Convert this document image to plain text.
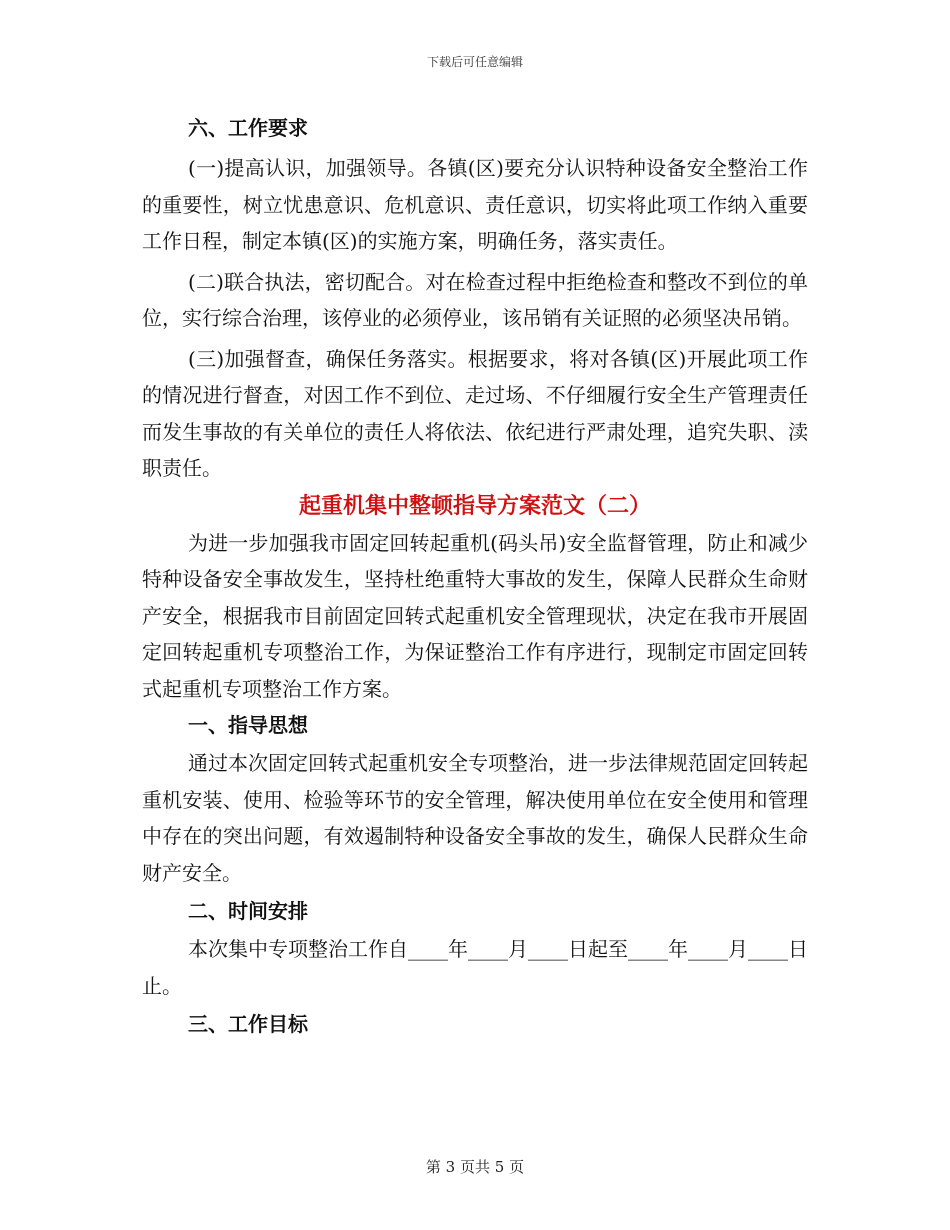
下载后可任意编辑

六、工作要求

(一)提高认识，加强领导。各镇(区)要充分认识特种设备安全整治工作的重要性，树立忧患意识、危机意识、责任意识，切实将此项工作纳入重要工作日程，制定本镇(区)的实施方案，明确任务，落实责任。

(二)联合执法，密切配合。对在检查过程中拒绝检查和整改不到位的单位，实行综合治理，该停业的必须停业，该吊销有关证照的必须坚决吊销。

(三)加强督查，确保任务落实。根据要求，将对各镇(区)开展此项工作的情况进行督查，对因工作不到位、走过场、不仔细履行安全生产管理责任而发生事故的有关单位的责任人将依法、依纪进行严肃处理，追究失职、渎职责任。

起重机集中整顿指导方案范文（二）

为进一步加强我市固定回转起重机(码头吊)安全监督管理，防止和减少特种设备安全事故发生，坚持杜绝重特大事故的发生，保障人民群众生命财产安全，根据我市目前固定回转式起重机安全管理现状，决定在我市开展固定回转起重机专项整治工作，为保证整治工作有序进行，现制定市固定回转式起重机专项整治工作方案。

一、指导思想

通过本次固定回转式起重机安全专项整治，进一步法律规范固定回转起重机安装、使用、检验等环节的安全管理，解决使用单位在安全使用和管理中存在的突出问题，有效遏制特种设备安全事故的发生，确保人民群众生命财产安全。

二、时间安排

本次集中专项整治工作自____年____月____日起至____年____月____日止。

三、工作目标

第 3 页共 5 页
